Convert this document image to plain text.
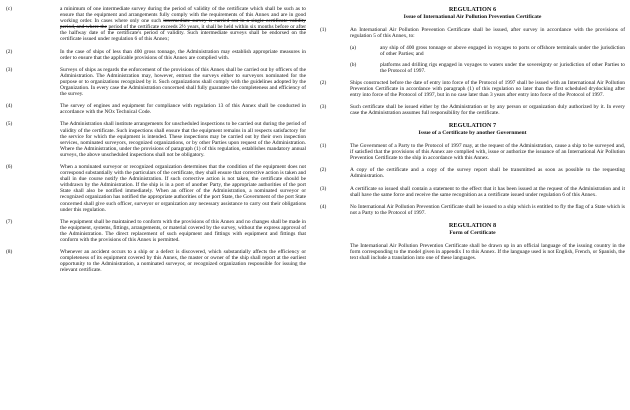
(c)	a minimum of one intermediate survey during the period of validity of the certificate which shall be such as to ensure that the equipment and arrangements fully comply with the requirements of this Annex and are in good working order. In cases where only one such intermediate survey is carried out in a single certificate validity period, and where the period of the certificate exceeds 2½ years, it shall be held within six months before or after the halfway date of the certificate's period of validity. Such intermediate surveys shall be endorsed on the certificate issued under regulation 6 of this Annex;
(2)	In the case of ships of less than 400 gross tonnage, the Administration may establish appropriate measures in order to ensure that the applicable provisions of this Annex are complied with.
(3)	Surveys of ships as regards the enforcement of the provisions of this Annex shall be carried out by officers of the Administration. The Administration may, however, entrust the surveys either to surveyors nominated for the purpose or to organizations recognized by it. Such organizations shall comply with the guidelines adopted by the Organization. In every case the Administration concerned shall fully guarantee the completeness and efficiency of the survey.
(4)	The survey of engines and equipment for compliance with regulation 13 of this Annex shall be conducted in accordance with the NOx Technical Code.
(5)	The Administration shall institute arrangements for unscheduled inspections to be carried out during the period of validity of the certificate. Such inspections shall ensure that the equipment remains in all respects satisfactory for the service for which the equipment is intended. These inspections may be carried out by their own inspection services, nominated surveyors, recognized organizations, or by other Parties upon request of the Administration. Where the Administration, under the provisions of paragraph (1) of this regulation, establishes mandatory annual surveys, the above unscheduled inspections shall not be obligatory.
(6)	When a nominated surveyor or recognized organization determines that the condition of the equipment does not correspond substantially with the particulars of the certificate, they shall ensure that corrective action is taken and shall in due course notify the Administration. If such corrective action is not taken, the certificate should be withdrawn by the Administration. If the ship is in a port of another Party, the appropriate authorities of the port State shall also be notified immediately. When an officer of the Administration, a nominated surveyor or recognized organization has notified the appropriate authorities of the port State, the Government of the port State concerned shall give such officer, surveyor or organization any necessary assistance to carry out their obligations under this regulation.
(7)	The equipment shall be maintained to conform with the provisions of this Annex and no changes shall be made in the equipment, systems, fittings, arrangements, or material covered by the survey, without the express approval of the Administration. The direct replacement of such equipment and fittings with equipment and fittings that conform with the provisions of this Annex is permitted.
(8)	Whenever an accident occurs to a ship or a defect is discovered, which substantially affects the efficiency or completeness of its equipment covered by this Annex, the master or owner of the ship shall report at the earliest opportunity to the Administration, a nominated surveyor, or recognized organization responsible for issuing the relevant certificate.
REGULATION 6
Issue of International Air Pollution Prevention Certificate
(1)	An International Air Pollution Prevention Certificate shall be issued, after survey in accordance with the provisions of regulation 5 of this Annex, to:
(a)	any ship of 400 gross tonnage or above engaged in voyages to ports or offshore terminals under the jurisdiction of other Parties; and
(b)	platforms and drilling rigs engaged in voyages to waters under the sovereignty or jurisdiction of other Parties to the Protocol of 1997.
(2)	Ships constructed before the date of entry into force of the Protocol of 1997 shall be issued with an International Air Pollution Prevention Certificate in accordance with paragraph (1) of this regulation no later than the first scheduled drydocking after entry into force of the Protocol of 1997, but in no case later than 3 years after entry into force of the Protocol of 1997.
(3)	Such certificate shall be issued either by the Administration or by any person or organization duly authorized by it. In every case the Administration assumes full responsibility for the certificate.
REGULATION 7
Issue of a Certificate by another Government
(1)	The Government of a Party to the Protocol of 1997 may, at the request of the Administration, cause a ship to be surveyed and, if satisfied that the provisions of this Annex are complied with, issue or authorize the issuance of an International Air Pollution Prevention Certificate to the ship in accordance with this Annex.
(2)	A copy of the certificate and a copy of the survey report shall be transmitted as soon as possible to the requesting Administration.
(3)	A certificate so issued shall contain a statement to the effect that it has been issued at the request of the Administration and it shall have the same force and receive the same recognition as a certificate issued under regulation 6 of this Annex.
(4)	No International Air Pollution Prevention Certificate shall be issued to a ship which is entitled to fly the flag of a State which is not a Party to the Protocol of 1997.
REGULATION 8
Form of Certificate
The International Air Pollution Prevention Certificate shall be drawn up in an official language of the issuing country in the form corresponding to the model given in appendix I to this Annex. If the language used is not English, French, or Spanish, the text shall include a translation into one of these languages.
